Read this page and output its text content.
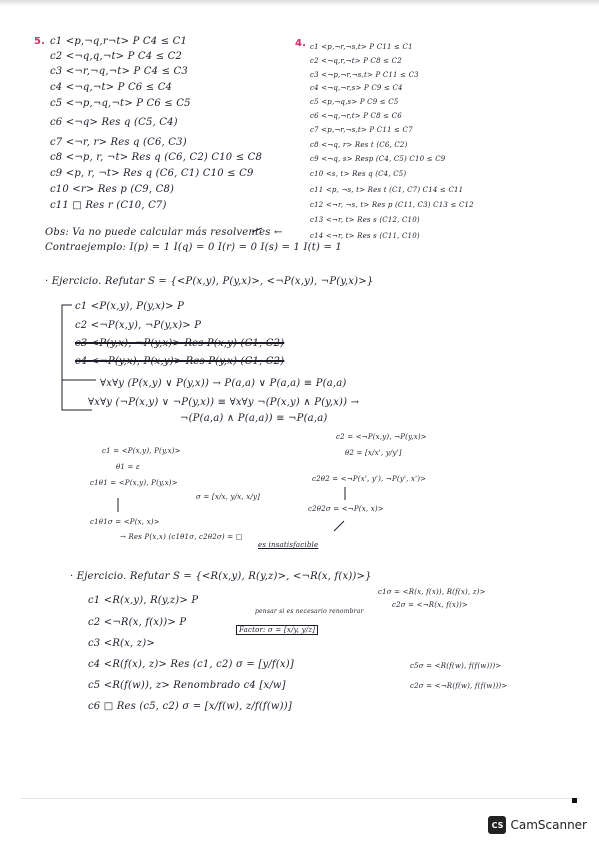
5. c1 <p,¬q,r¬t> P C4 ≤ C1
c2 <¬q,q,¬t> P C4 ≤ C2
c3 <¬r,¬q,¬t> P C4 ≤ C3
c4 <¬q,¬t> P C6 ≤ C4
c5 <¬p,¬q,¬t> P C6 ≤ C5
c6 <¬q> Res q (C5, C4)
c7 <¬r, r> Res q (C6, C3)
c8 <¬p, r, ¬t> Res q (C6, C2) C10 ≤ C8
c9 <p, r, ¬t> Res q (C6, C1) C10 ≤ C9
c10 <r> Res p (C9, C8)
c11 □ Res r (C10, C7)
4. c1 <p,¬r,¬s,t> P C11 ≤ C1
c2 <¬q,r,¬t> P C8 ≤ C2
c3 <¬p,¬r,¬s,t> P C11 ≤ C3
c4 <¬q,¬r,s> P C9 ≤ C4
c5 <p,¬q,s> P C9 ≤ C5
c6 <¬q,¬r,t> P C8 ≤ C6
c7 <p,¬r,¬s,t> P C11 ≤ C7
c8 <¬q, r> Res t (C6, C2)
c9 <¬q, s> Resp (C4, C5) C10 ≤ C9
c10 <s, t> Res q (C4, C5)
c11 <p, ¬s, t> Res t (C1, C7) C14 ≤ C11
c12 <¬r, ¬s, t> Res p (C11, C3) C13 ≤ C12
c13 <¬r, t> Res s (C12, C10)
c14 <¬r, t> Res s (C11, C10)
Obs: Va no puede calcular más resolventes ←
Contraejemplo: I(p) = 1 I(q) = 0 I(r) = 0 I(s) = 1 I(t) = 1
· Ejercicio. Refutar S = {<P(x,y), P(y,x)>, <¬P(x,y), ¬P(y,x)>}
c1 <P(x,y), P(y,x)> P
c2 <¬P(x,y), ¬P(y,x)> P
c3 <P(y,x), ¬P(y,x)> Res P(x,y) (C1, C2)
c4 <¬P(y,x), P(x,y)> Res P(y,x) (C1, C2)
∀x∀y (P(x,y) ∨ P(y,x)) → P(a,a) ∨ P(a,a) ≡ P(a,a)
∀x∀y (¬P(x,y) ∨ ¬P(y,x)) ≡ ∀x∀y ¬(P(x,y) ∧ P(y,x)) →
¬(P(a,a) ∧ P(a,a)) ≡ ¬P(a,a)
c1 = <P(x,y), P(y,x)>
θ1 = ε
c1θ1 = <P(x,y), P(y,x)>
σ = [x/x, y/x, x/y]
c1θ1σ = <P(x, x)>
→ Res P(x,x) (c1θ1σ, c2θ2σ) = □
c2 = <¬P(x,y), ¬P(y,x)>
θ2 = [x/x', y/y']
c2θ2 = <¬P(x', y'), ¬P(y', x')>
c2θ2σ = <¬P(x, x)>
es insatisfacible
· Ejercicio. Refutar S = {<R(x,y), R(y,z)>, <¬R(x, f(x))>}
c1 <R(x,y), R(y,z)> P
c2 <¬R(x, f(x))> P
c3 <R(x, z)>
Factor: σ = [x/y, y/z]
pensar si es necesario renombrar
c4 <R(f(x), z)> Res (c1, c2) σ = [y/f(x)]
c5 <R(f(w)), z> Renombrado c4 [x/w]
c6 □ Res (c5, c2) σ = [x/f(w), z/f(f(w))]
c1σ = <R(x, f(x)), R(f(x), z)>
c2σ = <¬R(x, f(x))>
c5σ = <R(f(w), f(f(w)))>
c2σ = <¬R(f(w), f(f(w)))>
CS CamScanner
